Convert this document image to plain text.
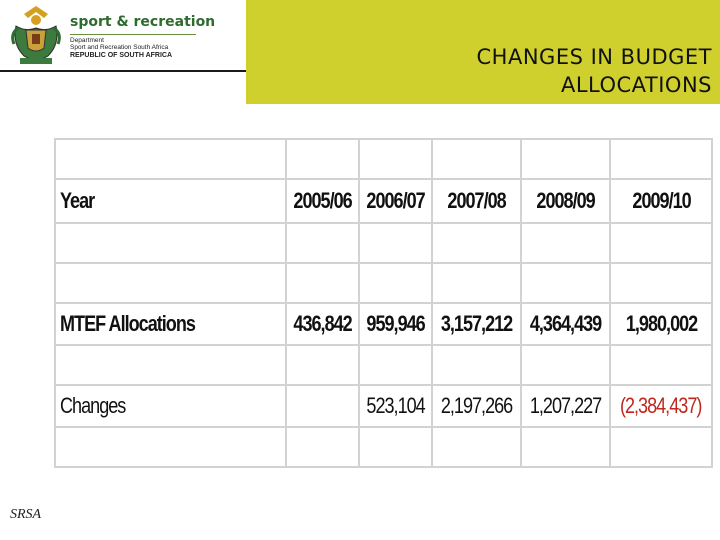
sport & recreation
Department
Sport and Recreation South Africa
REPUBLIC OF SOUTH AFRICA	CHANGES IN BUDGET
ALLOCATIONS

Year	2005/06	2006/07	2007/08	2008/09	2009/10

MTEF Allocations	436,842	959,946	3,157,212	4,364,439	1,980,002

Changes		523,104	2,197,266	1,207,227	(2,384,437)

SRSA
